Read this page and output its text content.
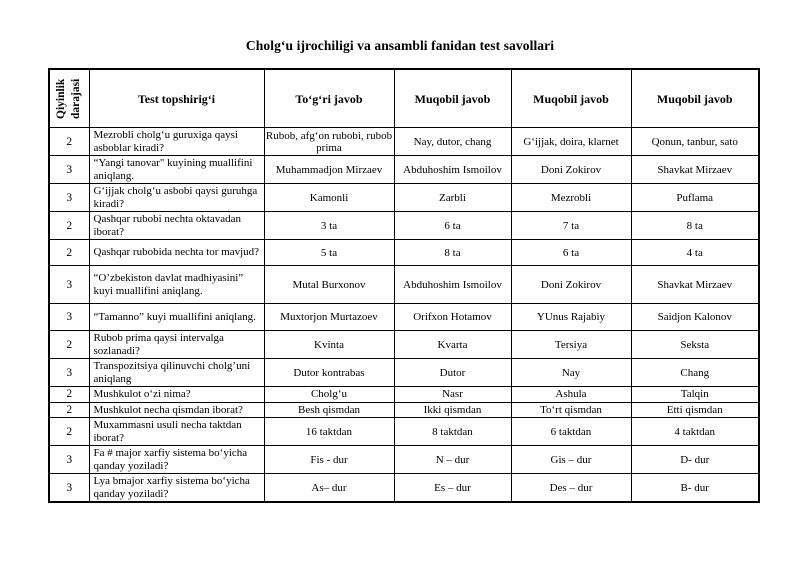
Cholg‘u ijrochiligi va ansambli fanidan test savollari
Qiyinlik darajasi	Test topshirig‘i	To‘g‘ri javob	Muqobil javob	Muqobil javob	Muqobil javob
2	Mezrobli cholg‘u guruxiga qaysi asboblar kiradi?	Rubob, afg‘on rubobi, rubob prima	Nay, dutor, chang	G‘ijjak, doira, klarnet	Qonun, tanbur, sato
3	“Yangi tanovar" kuyining muallifini aniqlang.	Muhammadjon Mirzaev	Abduhoshim Ismoilov	Doni Zokirov	Shavkat Mirzaev
3	G‘ijjak cholg‘u asbobi qaysi guruhga kiradi?	Kamonli	Zarbli	Mezrobli	Puflama
2	Qashqar rubobi nechta oktavadan iborat?	3 ta	6 ta	7 ta	8 ta
2	Qashqar rubobida nechta tor mavjud?	5 ta	8 ta	6 ta	4 ta
3	“O’zbekiston davlat madhiyasini” kuyi muallifini aniqlang.	Mutal Burxonov	Abduhoshim Ismoilov	Doni Zokirov	Shavkat Mirzaev
3	“Tamanno” kuyi muallifini aniqlang.	Muxtorjon Murtazoev	Orifxon Hotamov	YUnus Rajabiy	Saidjon Kalonov
2	Rubob prima qaysi intervalga sozlanadi?	Kvinta	Kvarta	Tersiya	Seksta
3	Transpozitsiya qilinuvchi cholg’uni aniqlang	Dutor kontrabas	Dutor	Nay	Chang
2	Mushkulot o‘zi nima?	Cholg‘u	Nasr	Ashula	Talqin
2	Mushkulot necha qismdan iborat?	Besh qismdan	Ikki qismdan	To‘rt qismdan	Etti qismdan
2	Muxammasni usuli necha taktdan iborat?	16 taktdan	8 taktdan	6 taktdan	4 taktdan
3	Fa # major xarfiy sistema bo‘yicha qanday yoziladi?	Fis - dur	N – dur	Gis – dur	D- dur
3	Lya bmajor xarfiy sistema bo‘yicha qanday yoziladi?	As– dur	Es – dur	Des – dur	B- dur
